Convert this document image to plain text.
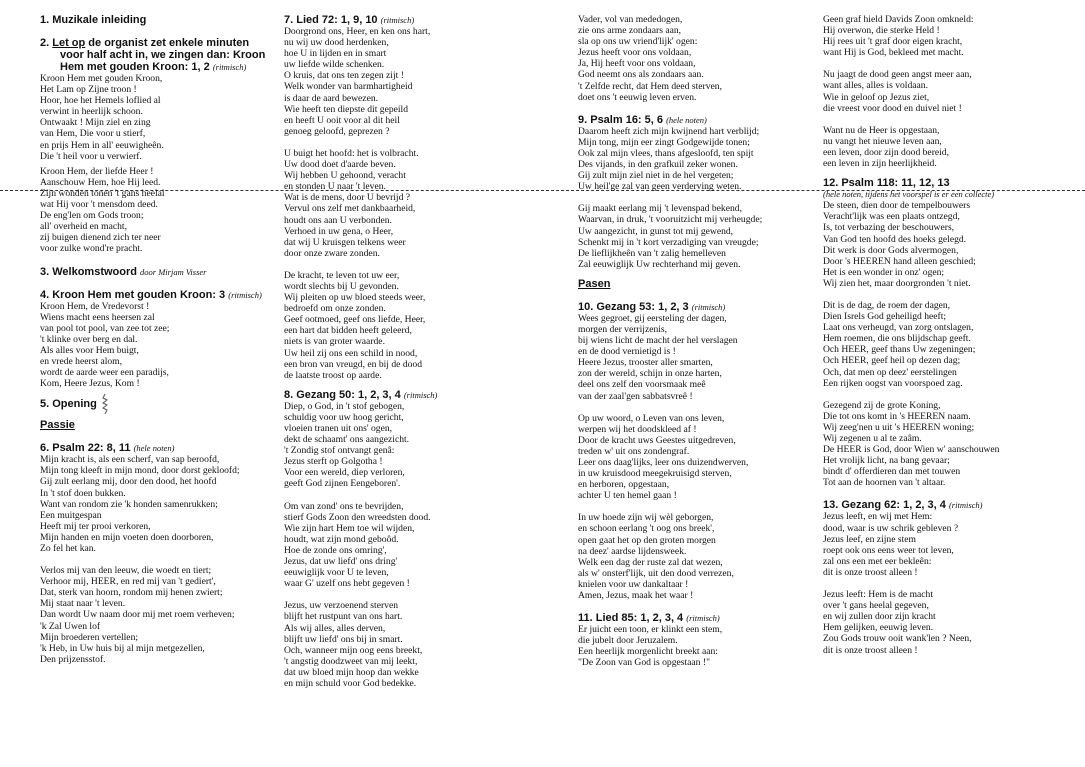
1. Muzikale inleiding
2. Let op de organist zet enkele minuten
voor half acht in, we zingen dan: Kroon
Hem met gouden Kroon: 1, 2 (ritmisch)
Kroon Hem met gouden Kroon,
Het Lam op Zijne troon !
Hoor, hoe het Hemels loflied al
verwint in heerlijk schoon.
Ontwaakt ! Mijn ziel en zing
van Hem, Die voor u stierf,
en prijs Hem in all' eeuwigheên.
Die 't heil voor u verwierf.
Kroon Hem, der liefde Heer !
Aanschouw Hem, hoe Hij leed.
Zijn wonden tonen 't gans heelal
wat Hij voor 't mensdom deed.
De eng'len om Gods troon;
all' overheid en macht,
zij buigen dienend zich ter neer
voor zulke wond're pracht.
3. Welkomstwoord door Mirjam Visser
4. Kroon Hem met gouden Kroon: 3 (ritmisch)
Kroon Hem, de Vredevorst !
Wiens macht eens heersen zal
van pool tot pool, van zee tot zee;
't klinke over berg en dal.
Als alles voor Hem buigt,
en vrede heerst alom,
wordt de aarde weer een paradijs,
Kom, Heere Jezus, Kom !
5. Opening
Passie
6. Psalm 22: 8, 11 (hele noten)
Mijn kracht is, als een scherf, van sap beroofd,
Mijn tong kleeft in mijn mond, door dorst gekloofd;
Gij zult eerlang mij, door den dood, het hoofd
In 't stof doen bukken.
Want van rondom zie 'k honden samenrukken;
Een muitgespan
Heeft mij ter prooi verkoren,
Mijn handen en mijn voeten doen doorboren,
Zo fel het kan.
Verlos mij van den leeuw, die woedt en tiert;
Verhoor mij, HEER, en red mij van 't gediert',
Dat, sterk van hoorn, rondom mij henen zwiert;
Mij staat naar 't leven.
Dan wordt Uw naam door mij met roem verheven;
'k Zal Uwen lof
Mijn broederen vertellen;
'k Heb, in Uw huis bij al mijn metgezellen,
Den prijzensstof.
7. Lied 72: 1, 9, 10 (ritmisch)
Doorgrond ons, Heer, en ken ons hart,
nu wij uw dood herdenken,
hoe U in lijden en in smart
uw liefde wilde schenken.
O kruis, dat ons ten zegen zijt !
Welk wonder van barmhartigheid
is daar de aard bewezen.
Wie heeft ten diepste dit gepeild
en heeft U ooit voor al dit heil
genoeg geloofd, geprezen ?
U buigt het hoofd: het is volbracht.
Uw dood doet d'aarde beven.
Wij hebben U gehoond, veracht
en stonden U naar 't leven.
Wat is de mens, door U bevrijd ?
Vervul ons zelf met dankbaarheid,
houdt ons aan U verbonden.
Verhoed in uw gena, o Heer,
dat wij U kruisgen telkens weer
door onze zware zonden.
De kracht, te leven tot uw eer,
wordt slechts bij U gevonden.
Wij pleiten op uw bloed steeds weer,
bedroefd om onze zonden.
Geef ootmoed, geef ons liefde, Heer,
een hart dat bidden heeft geleerd,
niets is van groter waarde.
Uw heil zij ons een schild in nood,
een bron van vreugd, en bij de dood
de laatste troost op aarde.
8. Gezang 50: 1, 2, 3, 4 (ritmisch)
Diep, o God, in 't stof gebogen,
schuldig voor uw hoog gericht,
vloeien tranen uit ons' ogen,
dekt de schaamt' ons aangezicht.
't Zondig stof ontvangt genâ:
Jezus sterft op Golgotha !
Voor een wereld, diep verloren,
geeft God zijnen Eengeboren'.
Om van zond' ons te bevrijden,
stierf Gods Zoon den wreedsten dood.
Wie zijn hart Hem toe wil wijden,
houdt, wat zijn mond geboôd.
Hoe de zonde ons omring',
Jezus, dat uw liefd' ons dring'
eeuwiglijk voor U te leven,
waar G' uzelf ons hebt gegeven !
Jezus, uw verzoenend sterven
blijft het rustpunt van ons hart.
Als wij alles, alles derven,
blijft uw liefd' ons bij in smart.
Och, wanneer mijn oog eens breekt,
't angstig doodzweet van mij leekt,
dat uw bloed mijn hoop dan wekke
en mijn schuld voor God bedekke.
Vader, vol van mededogen,
zie ons arme zondaars aan,
sla op ons uw vriend'lijk' ogen:
Jezus heeft voor ons voldaan,
Ja, Hij heeft voor ons voldaan,
God neemt ons als zondaars aan.
't Zelfde recht, dat Hem deed sterven,
doet ons 't eeuwig leven erven.
9. Psalm 16: 5, 6 (hele noten)
Daarom heeft zich mijn kwijnend hart verblijd;
Mijn tong, mijn eer zingt Godgewijde tonen;
Ook zal mijn vlees, thans afgesloofd, ten spijt
Des vijands, in den grafkuil zeker wonen.
Gij zult mijn ziel niet in de hel vergeten;
Uw heil'ge zal van geen verderving weten.
Gij maakt eerlang mij 't levenspad bekend,
Waarvan, in druk, 't vooruitzicht mij verheugde;
Uw aangezicht, in gunst tot mij gewend,
Schenkt mij in 't kort verzadiging van vreugde;
De lieflijkheên van 't zalig hemelleven
Zal eeuwiglijk Uw rechterhand mij geven.
Pasen
10. Gezang 53: 1, 2, 3 (ritmisch)
Wees gegroet, gij eersteling der dagen,
morgen der verrijzenis,
bij wiens licht de macht der hel verslagen
en de dood vernietigd is !
Heere Jezus, trooster aller smarten,
zon der wereld, schijn in onze harten,
deel ons zelf den voorsmaak meê
van der zaal'gen sabbatsvreê !
Op uw woord, o Leven van ons leven,
werpen wij het doodskleed af !
Door de kracht uws Geestes uitgedreven,
treden w' uit ons zondengraf.
Leer ons daag'lijks, leer ons duizendwerven,
in uw kruisdood meegekruisigd sterven,
en herboren, opgestaan,
achter U ten hemel gaan !
In uw hoede zijn wij wèl geborgen,
en schoon eerlang 't oog ons breek',
open gaat het op den groten morgen
na deez' aardse lijdensweek.
Welk een dag der ruste zal dat wezen,
als w' onsterf'lijk, uit den dood verrezen,
knielen voor uw dankaltaar !
Amen, Jezus, maak het waar !
11. Lied 85: 1, 2, 3, 4 (ritmisch)
Er juicht een toon, er klinkt een stem,
die jubelt door Jeruzalem.
Een heerlijk morgenlicht breekt aan:
"De Zoon van God is opgestaan !"
Geen graf hield Davids Zoon omkneld:
Hij overwon, die sterke Held !
Hij rees uit 't graf door eigen kracht,
want Hij is God, bekleed met macht.
Nu jaagt de dood geen angst meer aan,
want alles, alles is voldaan.
Wie in geloof op Jezus ziet,
die vreest voor dood en duivel niet !
Want nu de Heer is opgestaan,
nu vangt het nieuwe leven aan,
een leven, door zijn dood bereid,
een leven in zijn heerlijkheid.
12. Psalm 118: 11, 12, 13
(hele noten, tijdens het voorspel is er een collecte)
De steen, dien door de tempelbouwers
Veracht'lijk was een plaats ontzegd,
Is, tot verbazing der beschouwers,
Van God ten hoofd des hoeks gelegd.
Dit werk is door Gods alvermogen,
Door 's HEEREN hand alleen geschied;
Het is een wonder in onz' ogen;
Wij zien het, maar doorgronden 't niet.
Dit is de dag, de roem der dagen,
Dien Isrels God geheiligd heeft;
Laat ons verheugd, van zorg ontslagen,
Hem roemen, die ons blijdschap geeft.
Och HEER, geef thans Uw zegeningen;
Och HEER, geef heil op dezen dag;
Och, dat men op deez' eerstelingen
Een rijken oogst van voorspoed zag.
Gezegend zij de grote Koning,
Die tot ons komt in 's HEEREN naam.
Wij zeeg'nen u uit 's HEEREN woning;
Wij zegenen u al te zaâm.
De HEER is God, door Wien w' aanschouwen
Het vrolijk licht, na bang gevaar;
bindt d' offerdieren dan met touwen
Tot aan de hoornen van 't altaar.
13. Gezang 62: 1, 2, 3, 4 (ritmisch)
Jezus leeft, en wij met Hem:
dood, waar is uw schrik gebleven ?
Jezus leef, en zijne stem
roept ook ons eens weer tot leven,
zal ons een met eer bekleên:
dit is onze troost alleen !
Jezus leeft: Hem is de macht
over 't gans heelal gegeven,
en wij zullen door zijn kracht
Hem gelijken, eeuwig leven.
Zou Gods trouw ooit wank'len ? Neen,
dit is onze troost alleen !
